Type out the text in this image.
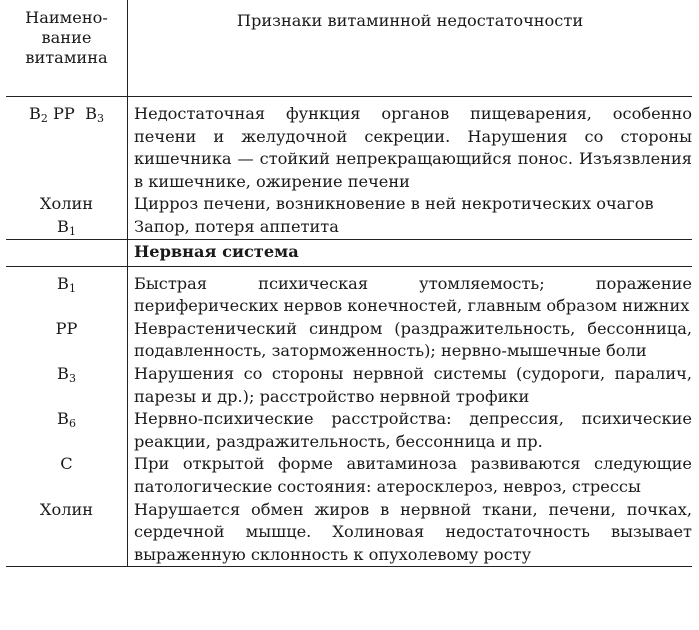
Наимено-
вание
витамина	Признаки витаминной недостаточности
$B_2$ PP  $B_3$	Недостаточная функция органов пищеварения, особенно печени и желудочной секреции. Нарушения со стороны кишечника — стойкий непрекращающийся понос. Изъязвления в кишечнике, ожирение печени
Холин	Цирроз печени, возникновение в ней некротических очагов
$B_1$	Запор, потеря аппетита
	Нервная система
$B_1$	Быстрая психическая утомляемость; поражение периферических нервов конечностей, главным образом нижних
PP	Неврастенический синдром (раздражительность, бессонница, подавленность, заторможенность); нервно-мышечные боли
$B_3$	Нарушения со стороны нервной системы (судороги, паралич, парезы и др.); расстройство нервной трофики
$B_6$	Нервно-психические расстройства: депрессия, психические реакции, раздражительность, бессонница и пр.
C	При открытой форме авитаминоза развиваются следующие патологические состояния: атеросклероз, невроз, стрессы
Холин	Нарушается обмен жиров в нервной ткани, печени, почках, сердечной мышце. Холиновая недостаточность вызывает выраженную склонность к опухолевому росту
